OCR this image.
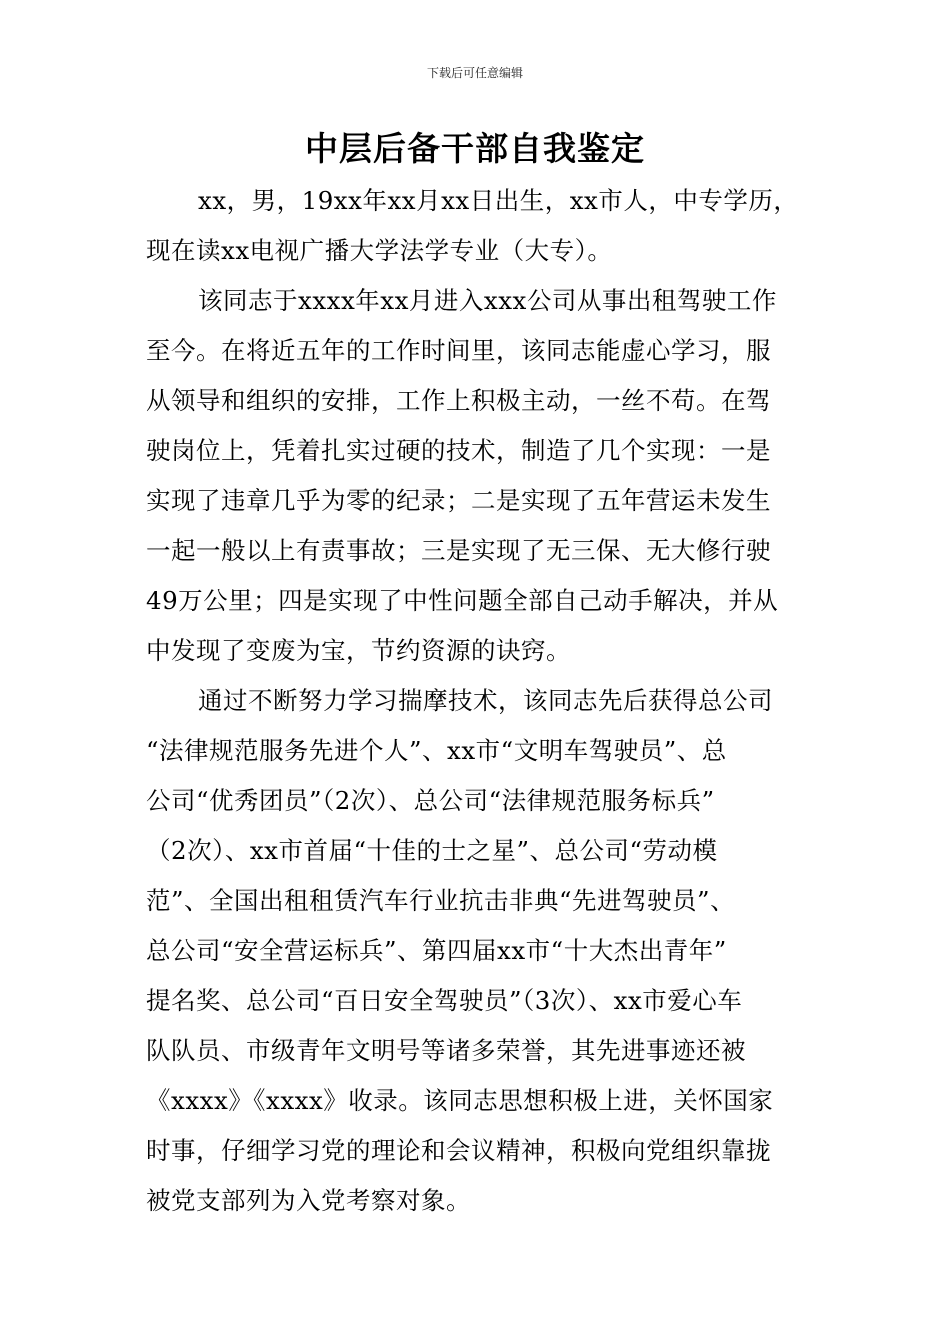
下载后可任意编辑
中层后备干部自我鉴定
xx，男，19xx年xx月xx日出生，xx市人，中专学历，
现在读xx电视广播大学法学专业（大专）。
该同志于xxxx年xx月进入xxx公司从事出租驾驶工作
至今。在将近五年的工作时间里，该同志能虚心学习，服
从领导和组织的安排，工作上积极主动，一丝不苟。在驾
驶岗位上，凭着扎实过硬的技术，制造了几个实现：一是
实现了违章几乎为零的纪录；二是实现了五年营运未发生
一起一般以上有责事故；三是实现了无三保、无大修行驶
49万公里；四是实现了中性问题全部自己动手解决，并从
中发现了变废为宝，节约资源的诀窍。
通过不断努力学习揣摩技术，该同志先后获得总公司
“法律规范服务先进个人”、xx市“文明车驾驶员”、总
公司“优秀团员”（2次）、总公司“法律规范服务标兵”
（2次）、xx市首届“十佳的士之星”、总公司“劳动模
范”、全国出租租赁汽车行业抗击非典“先进驾驶员”、
总公司“安全营运标兵”、第四届xx市“十大杰出青年”
提名奖、总公司“百日安全驾驶员”（3次）、xx市爱心车
队队员、市级青年文明号等诸多荣誉，其先进事迹还被
《xxxx》《xxxx》收录。该同志思想积极上进，关怀国家
时事，仔细学习党的理论和会议精神，积极向党组织靠拢
被党支部列为入党考察对象。
